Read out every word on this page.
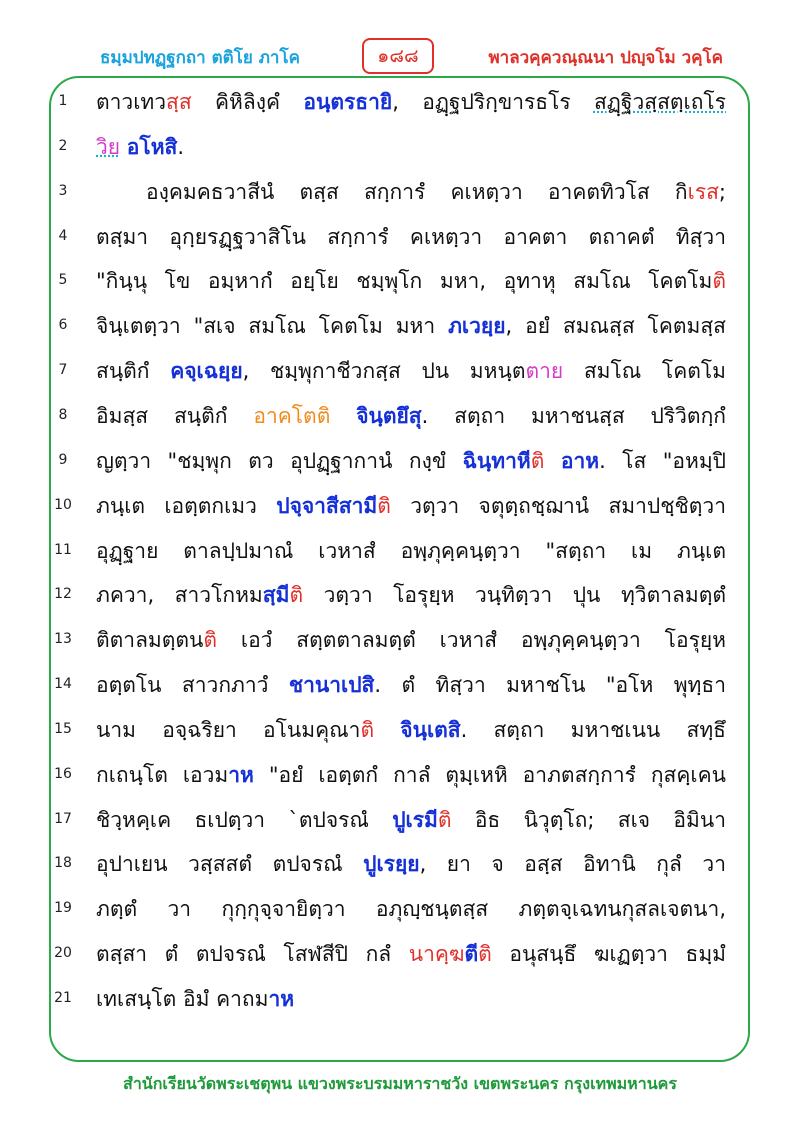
ธมฺมปทฏฺฐกถา ตติโย ภาโค	๑๘๘	พาลวคฺควณฺณนา ปญฺจโม วคฺโค
1	ตาวเทวสฺส คิหิลิงฺคํ อนฺตรธายิ, อฏฺฐปริกฺขารธโร สฏฺฐิวสฺสตฺเถโร
2	วิย อโหสิ.
3	องฺคมคธวาสีนํ ตสฺส สกฺการํ คเหตฺวา อาคตทิวโส กิเรส;
4	ตสฺมา อุกฺยรฏฺฐวาสิโน สกฺการํ คเหตฺวา อาคตา ตถาคตํ ทิสฺวา
5	"กินฺนุ โข อมฺหากํ อยฺโย ชมฺพุโก มหา, อุทาหุ สมโณ โคตโมติ
6	จินฺเตตฺวา "สเจ สมโณ โคตโม มหา ภเวยฺย, อยํ สมณสฺส โคตมสฺส
7	สนฺติกํ คจฺเฉยฺย, ชมฺพุกาชีวกสฺส ปน มหนฺตตาย สมโณ โคตโม
8	อิมสฺส สนฺติกํ อาคโตติ จินฺตยึสุ. สตฺถา มหาชนสฺส ปริวิตกฺกํ
9	ญตฺวา "ชมฺพุก ตว อุปฏฺฐากานํ กงฺขํ ฉินฺทาหีติ อาห. โส "อหมฺปิ
10 ภนฺเต เอตฺตกเมว ปจฺจาสีสามีติ วตฺวา จตุตฺถชฺฌานํ สมาปชฺชิตฺวา
11 อุฏฺฐาย ตาลปฺปมาณํ เวหาสํ อพฺภุคฺคนฺตฺวา "สตฺถา เม ภนฺเต
12 ภควา, สาวโกหมสฺมีติ วตฺวา โอรุยฺห วนฺทิตฺวา ปุน ทฺวิตาลมตฺตํ
13 ติตาลมตฺตนติ เอวํ สตฺตตาลมตฺตํ เวหาสํ อพฺภุคฺคนฺตฺวา โอรุยฺห
14 อตฺตโน สาวกภาวํ ชานาเปสิ. ตํ ทิสฺวา มหาชโน "อโห พุทฺธา
15 นาม อจฺฉริยา อโนมคุณาติ จินฺเตสิ. สตฺถา มหาชเนน สทฺธึ
16 กเถนฺโต เอวมาห "อยํ เอตฺตกํ กาลํ ตุมฺเหหิ อาภตสกฺการํ กุสคฺเคน
17 ชิวฺหคฺเค ธเปตฺวา `ตปจรณํ ปูเรมีติ อิธ นิวุตฺโถ; สเจ อิมินา
18 อุปาเยน วสฺสสตํ ตปจรณํ ปูเรยฺย, ยา จ อสฺส อิทานิ กุลํ วา
19 ภตฺตํ วา กุกฺกุจฺจายิตฺวา อภุญฺชนฺตสฺส ภตฺตจฺเฉทนกุสลเจตนา,
20 ตสฺสา ตํ ตปจรณํ โสฬสีปิ กลํ นาคฺฆตีติ อนุสนฺธึ ฆเฏตฺวา ธมฺมํ
21 เทเสนฺโต อิมํ คาถมาห
สำนักเรียนวัดพระเชตุพน แขวงพระบรมมหาราชวัง เขตพระนคร กรุงเทพมหานคร
